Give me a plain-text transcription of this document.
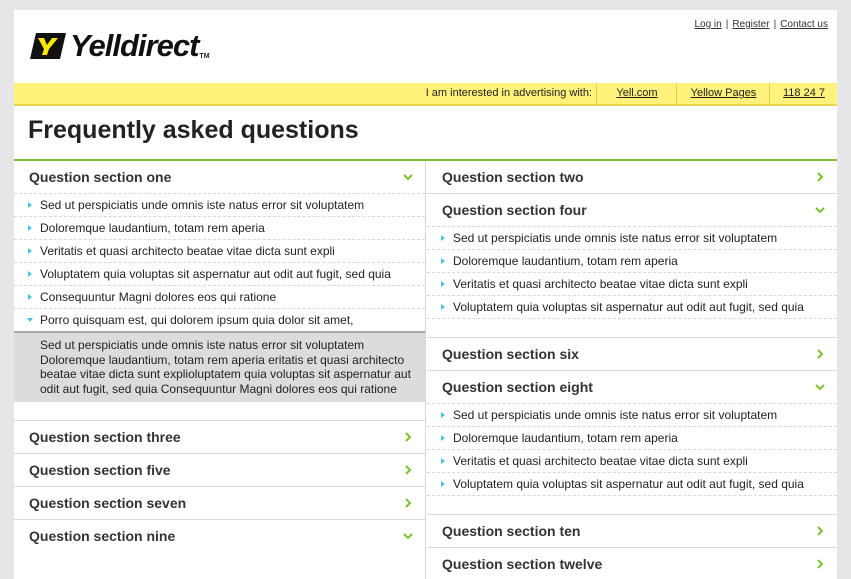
Yelldirect TM
Log in | Register | Contact us
I am interested in advertising with:	Yell.com	Yellow Pages	118 24 7
Frequently asked questions
Question section one
Sed ut perspiciatis unde omnis iste natus error sit voluptatem
Doloremque laudantium, totam rem aperia
Veritatis et quasi architecto beatae vitae dicta sunt expli
Voluptatem quia voluptas sit aspernatur aut odit aut fugit, sed quia
Consequuntur Magni dolores eos qui ratione
Porro quisquam est, qui dolorem ipsum quia dolor sit amet,
Sed ut perspiciatis unde omnis iste natus error sit voluptatem Doloremque laudantium, totam rem aperia eritatis et quasi architecto beatae vitae dicta sunt explioluptatem quia voluptas sit aspernatur aut odit aut fugit, sed quia Consequuntur Magni dolores eos qui ratione
Question section three
Question section five
Question section seven
Question section nine
Question section two
Question section four
Sed ut perspiciatis unde omnis iste natus error sit voluptatem
Doloremque laudantium, totam rem aperia
Veritatis et quasi architecto beatae vitae dicta sunt expli
Voluptatem quia voluptas sit aspernatur aut odit aut fugit, sed quia
Question section six
Question section eight
Sed ut perspiciatis unde omnis iste natus error sit voluptatem
Doloremque laudantium, totam rem aperia
Veritatis et quasi architecto beatae vitae dicta sunt expli
Voluptatem quia voluptas sit aspernatur aut odit aut fugit, sed quia
Question section ten
Question section twelve
